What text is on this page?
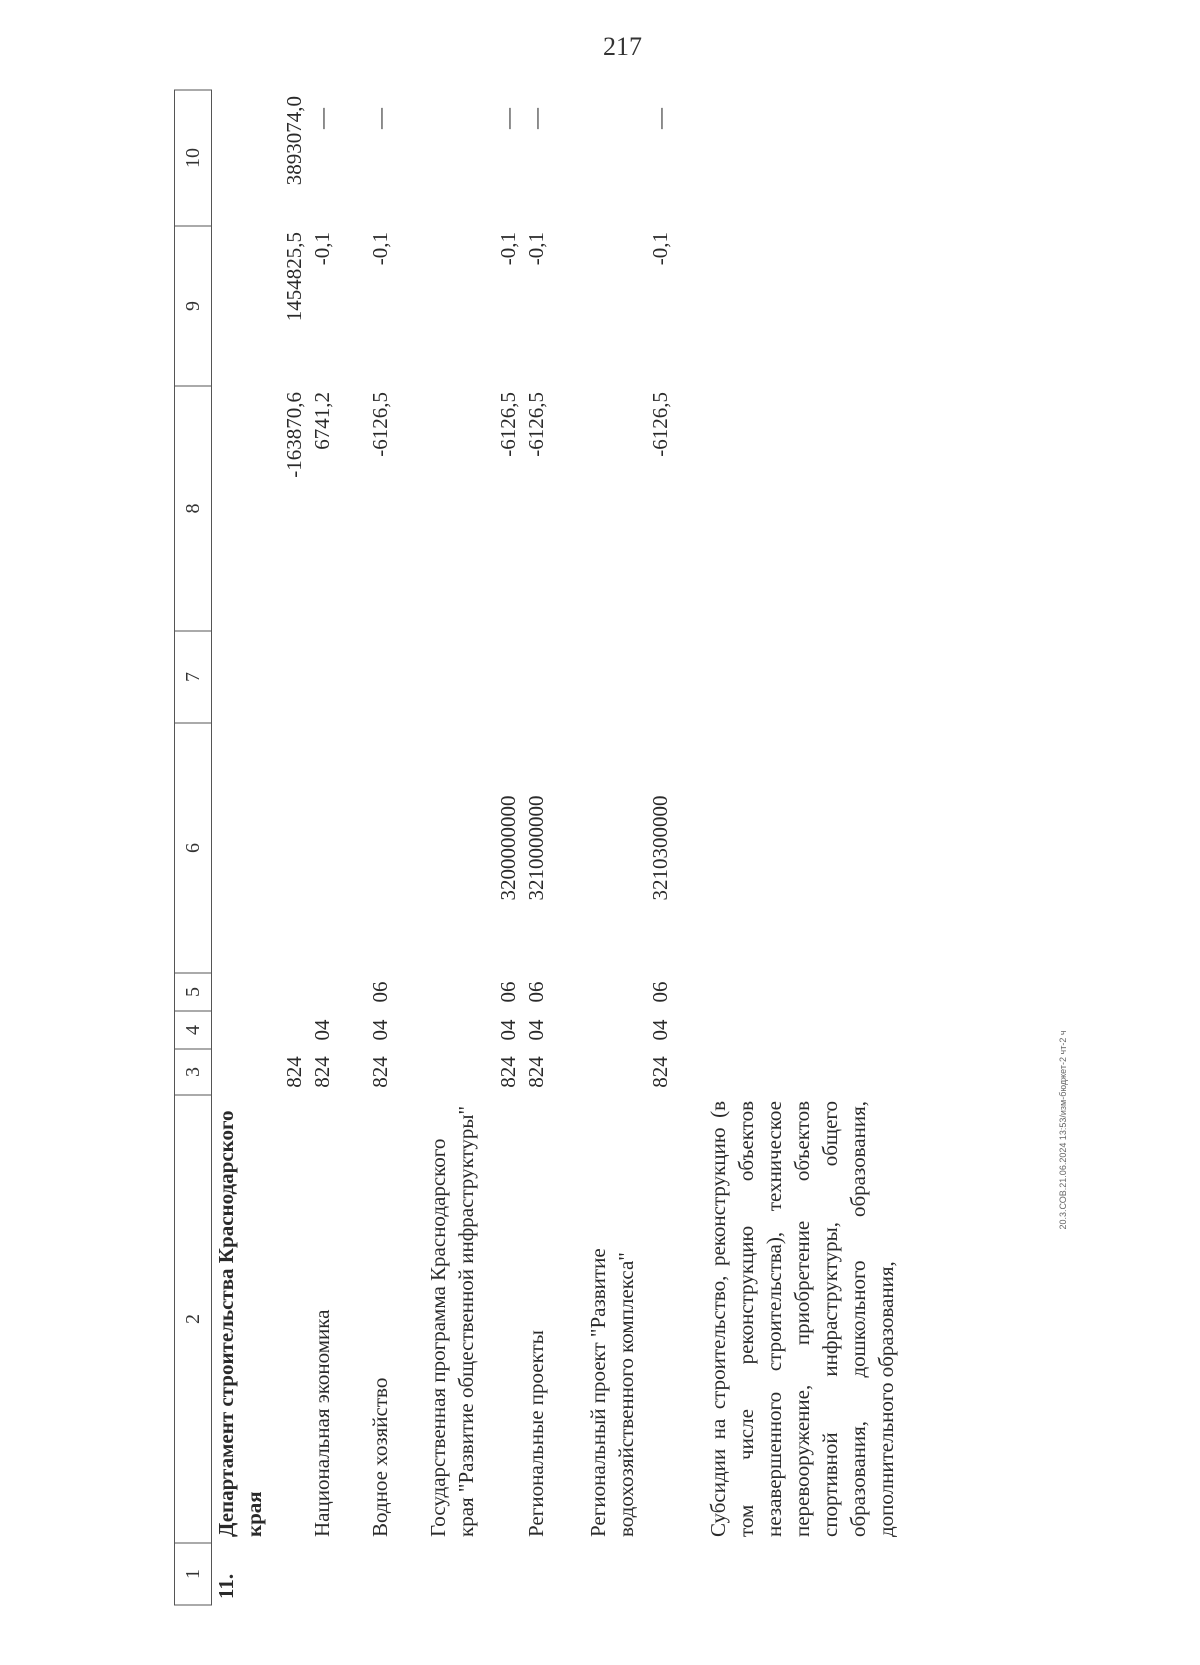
217
20.3.СОВ.21.06.2024 13:53/изм-бюджет-2 чт-2 ч
1	2	3	4	5	6	7	8	9	10
11.	Департамент строительства Краснодарского края	824					-163870,6	1454825,5	3893074,0
	Национальная экономика	824	04				6741,2	-0,1	—
	Водное хозяйство	824	04	06			-6126,5	-0,1	—
	Государственная программа Краснодарского края "Развитие общественной инфраструктуры"	824	04	06	3200000000		-6126,5	-0,1	—
	Региональные проекты	824	04	06	3210000000		-6126,5	-0,1	—
	Региональный проект "Развитие водохозяйственного комплекса"	824	04	06	3210300000		-6126,5	-0,1	—
	Субсидии на строительство, реконструкцию (в том числе реконструкцию объектов незавершенного строительства), техническое перевооружение, приобретение объектов спортивной инфраструктуры, общего образования, дошкольного образования, дополнительного образования,								
